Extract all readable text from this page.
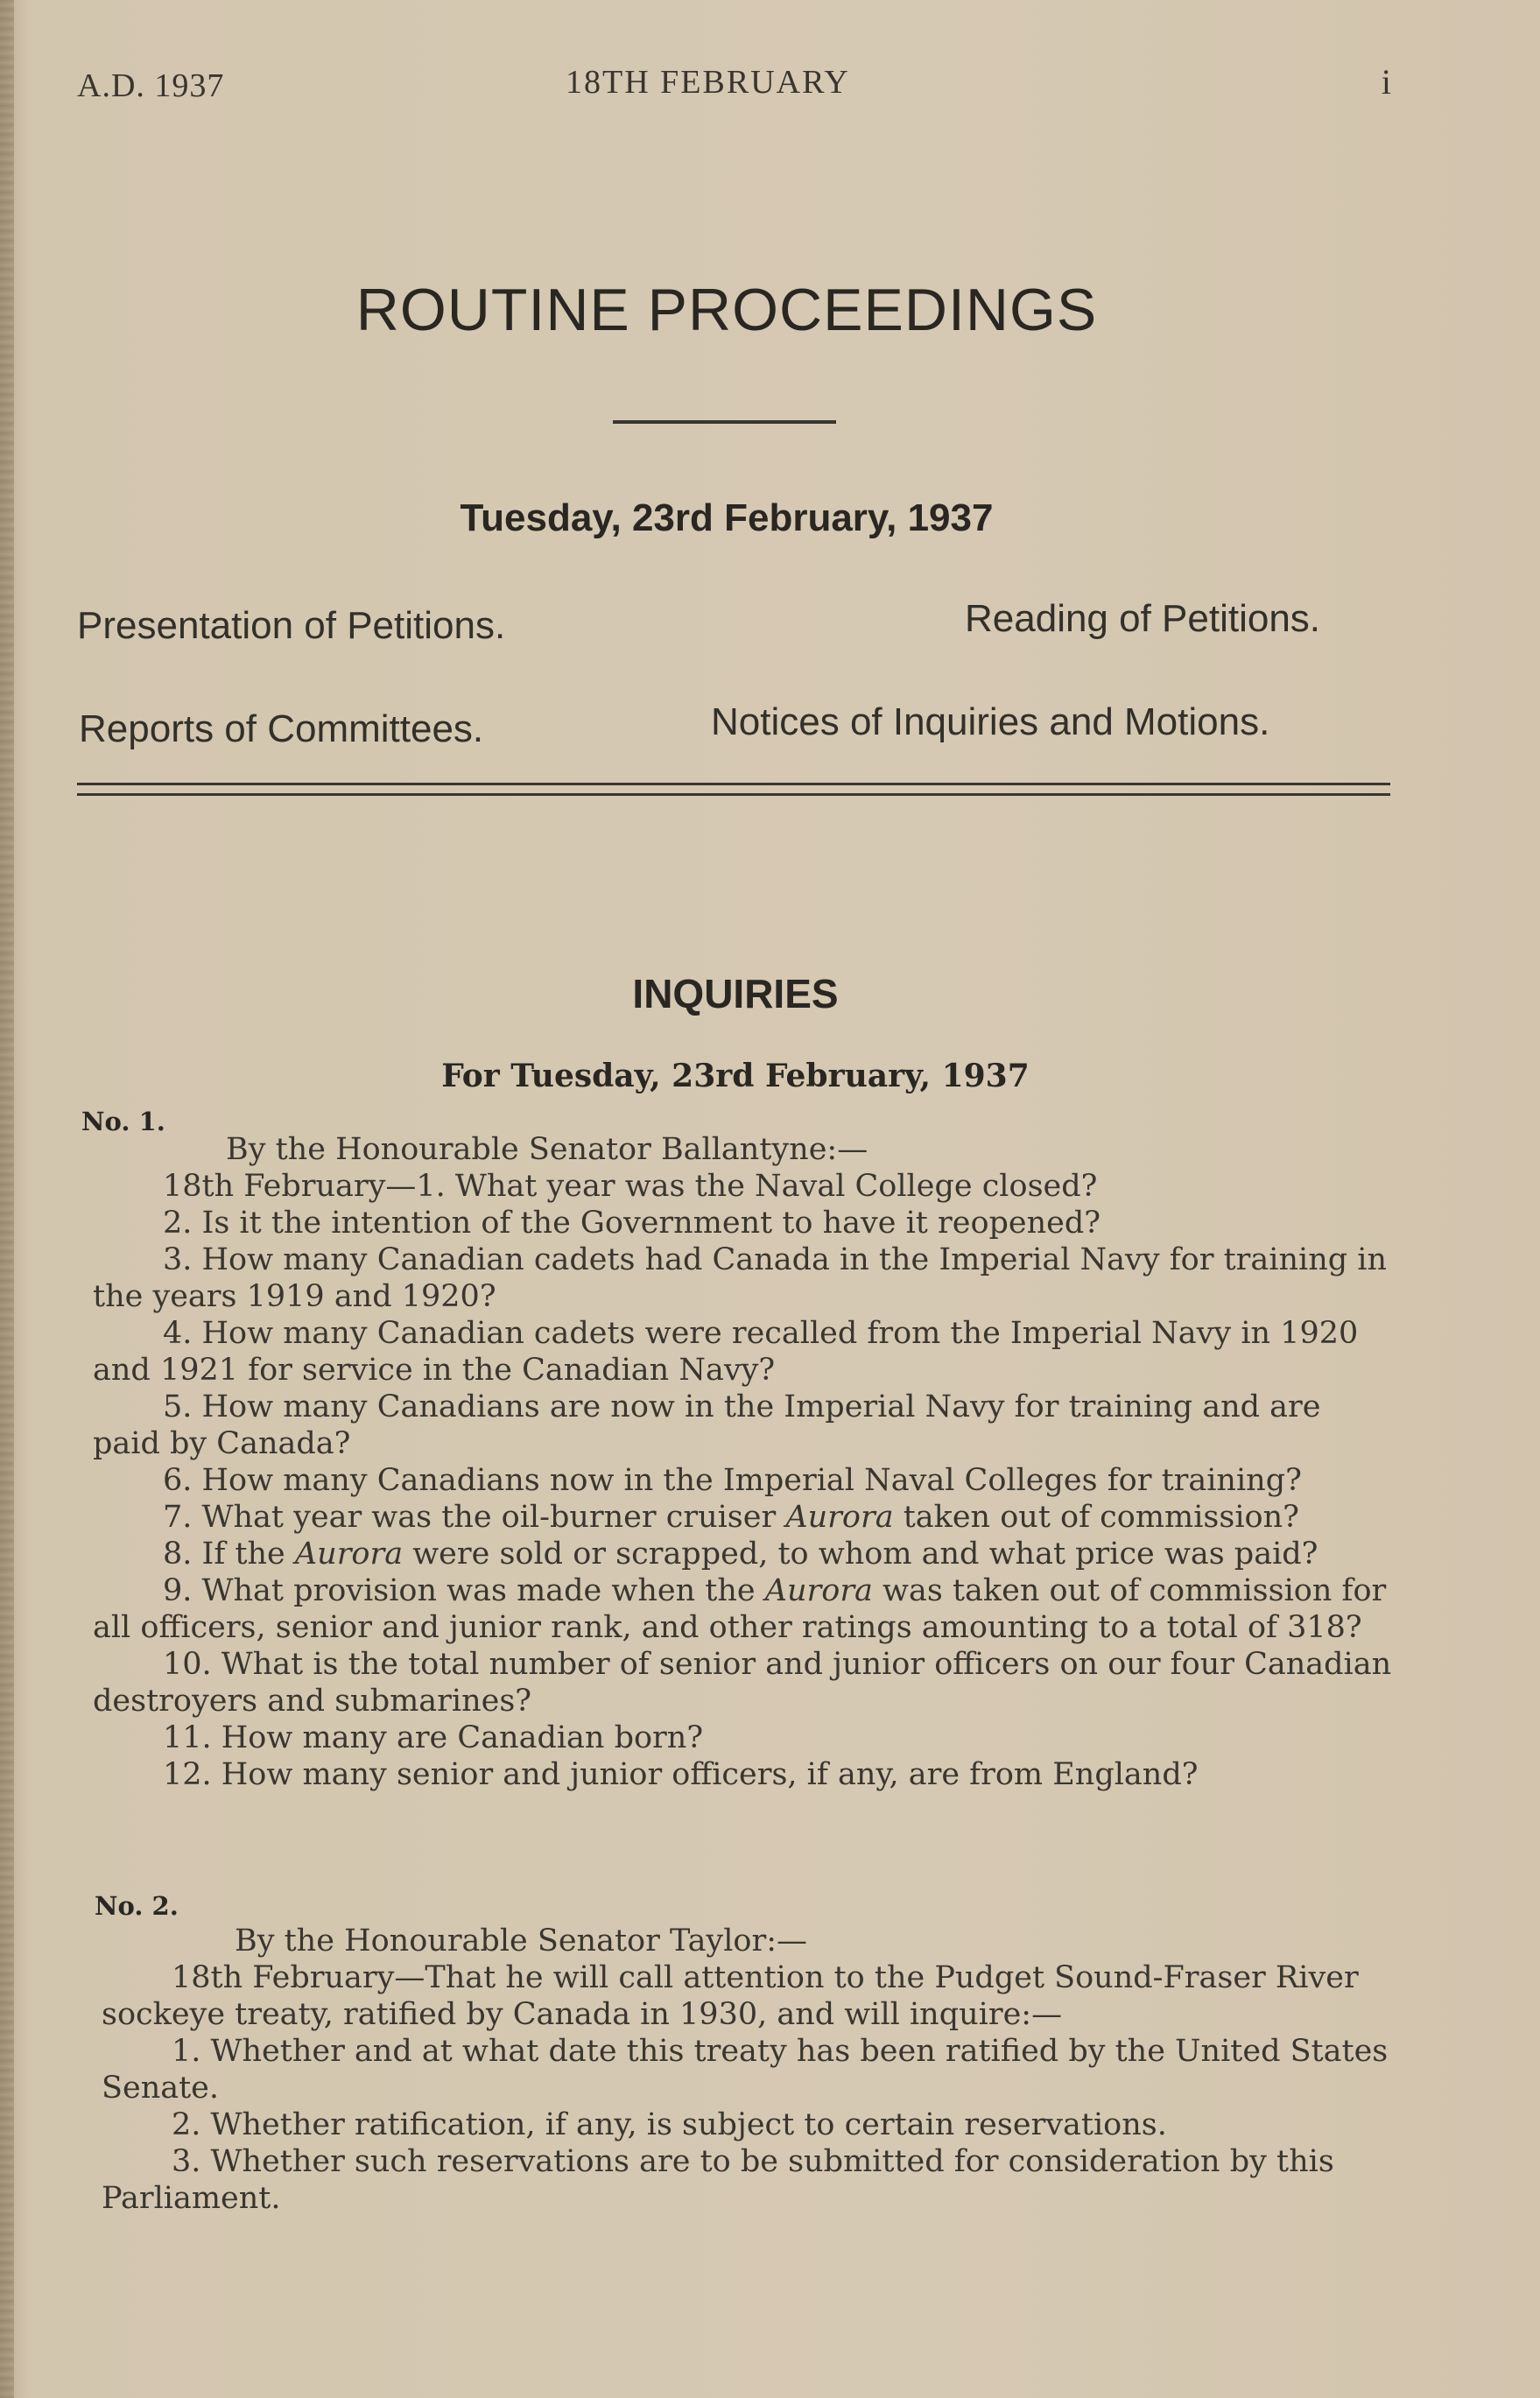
A.D. 1937	18TH FEBRUARY	i
ROUTINE PROCEEDINGS
Tuesday, 23rd February, 1937
Presentation of Petitions.	Reading of Petitions.
Reports of Committees.	Notices of Inquiries and Motions.
INQUIRIES
For Tuesday, 23rd February, 1937
No. 1.

By the Honourable Senator Ballantyne:—

18th February—1. What year was the Naval College closed?

2. Is it the intention of the Government to have it reopened?

3. How many Canadian cadets had Canada in the Imperial Navy for training in the years 1919 and 1920?

4. How many Canadian cadets were recalled from the Imperial Navy in 1920 and 1921 for service in the Canadian Navy?

5. How many Canadians are now in the Imperial Navy for training and are paid by Canada?

6. How many Canadians now in the Imperial Naval Colleges for training?

7. What year was the oil-burner cruiser Aurora taken out of commission?

8. If the Aurora were sold or scrapped, to whom and what price was paid?

9. What provision was made when the Aurora was taken out of commission for all officers, senior and junior rank, and other ratings amounting to a total of 318?

10. What is the total number of senior and junior officers on our four Canadian destroyers and submarines?

11. How many are Canadian born?

12. How many senior and junior officers, if any, are from England?

No. 2.

By the Honourable Senator Taylor:—

18th February—That he will call attention to the Pudget Sound-Fraser River sockeye treaty, ratified by Canada in 1930, and will inquire:—

1. Whether and at what date this treaty has been ratified by the United States Senate.

2. Whether ratification, if any, is subject to certain reservations.

3. Whether such reservations are to be submitted for consideration by this Parliament.
